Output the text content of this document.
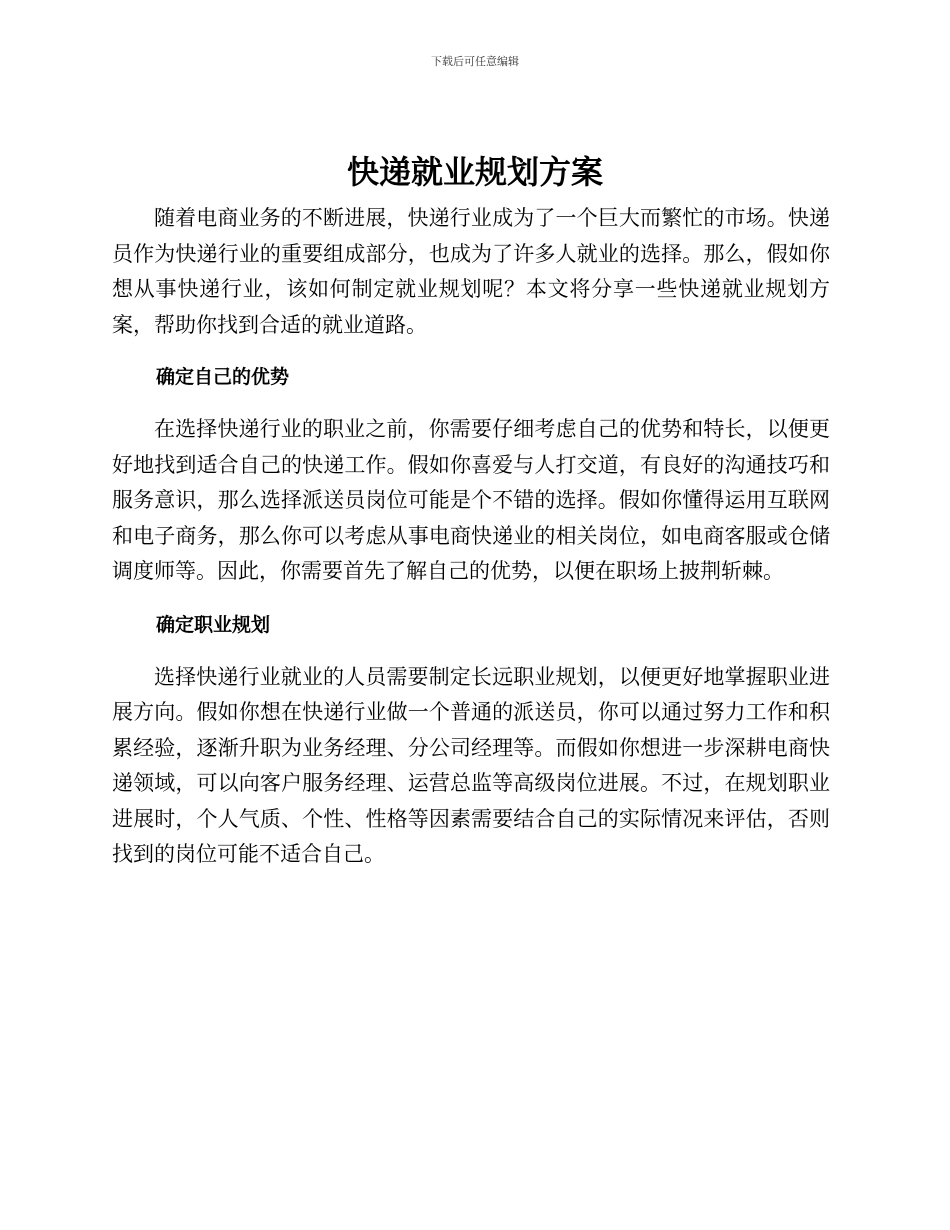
下载后可任意编辑
快递就业规划方案

随着电商业务的不断进展，快递行业成为了一个巨大而繁忙的市场。快递员作为快递行业的重要组成部分，也成为了许多人就业的选择。那么，假如你想从事快递行业，该如何制定就业规划呢？本文将分享一些快递就业规划方案，帮助你找到合适的就业道路。

确定自己的优势

在选择快递行业的职业之前，你需要仔细考虑自己的优势和特长，以便更好地找到适合自己的快递工作。假如你喜爱与人打交道，有良好的沟通技巧和服务意识，那么选择派送员岗位可能是个不错的选择。假如你懂得运用互联网和电子商务，那么你可以考虑从事电商快递业的相关岗位，如电商客服或仓储调度师等。因此，你需要首先了解自己的优势，以便在职场上披荆斩棘。

确定职业规划

选择快递行业就业的人员需要制定长远职业规划，以便更好地掌握职业进展方向。假如你想在快递行业做一个普通的派送员，你可以通过努力工作和积累经验，逐渐升职为业务经理、分公司经理等。而假如你想进一步深耕电商快递领域，可以向客户服务经理、运营总监等高级岗位进展。不过，在规划职业进展时，个人气质、个性、性格等因素需要结合自己的实际情况来评估，否则找到的岗位可能不适合自己。
